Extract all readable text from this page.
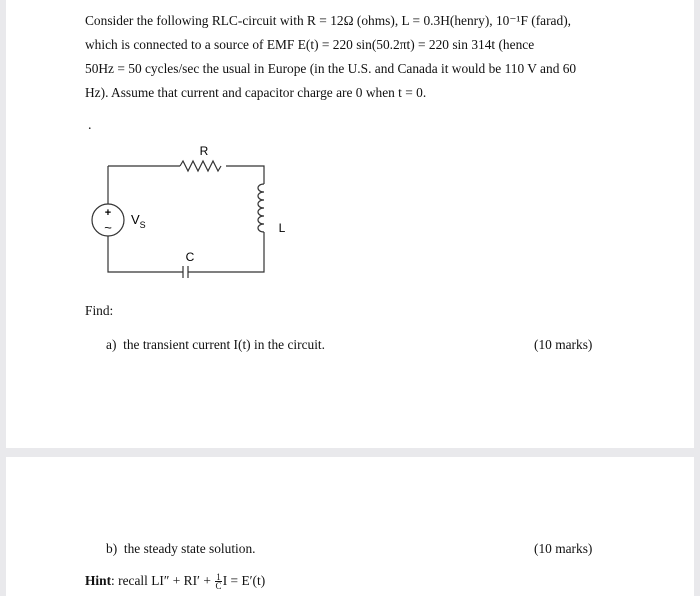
Consider the following RLC-circuit with R = 12Ω (ohms), L = 0.3H(henry), 10⁻¹F (farad),
which is connected to a source of EMF E(t) = 220 sin(50.2πt) = 220 sin 314t (hence
50Hz = 50 cycles/sec the usual in Europe (in the U.S. and Canada it would be 110 V and 60
Hz). Assume that current and capacitor charge are 0 when t = 0.
.
R
L
C
+
~
$V_S$
Find:
a) the transient current I(t) in the circuit.	(10 marks)
b) the steady state solution.	(10 marks)
Hint: recall $LI'' + RI' + \frac{1}{C}$ I = E′(t)
